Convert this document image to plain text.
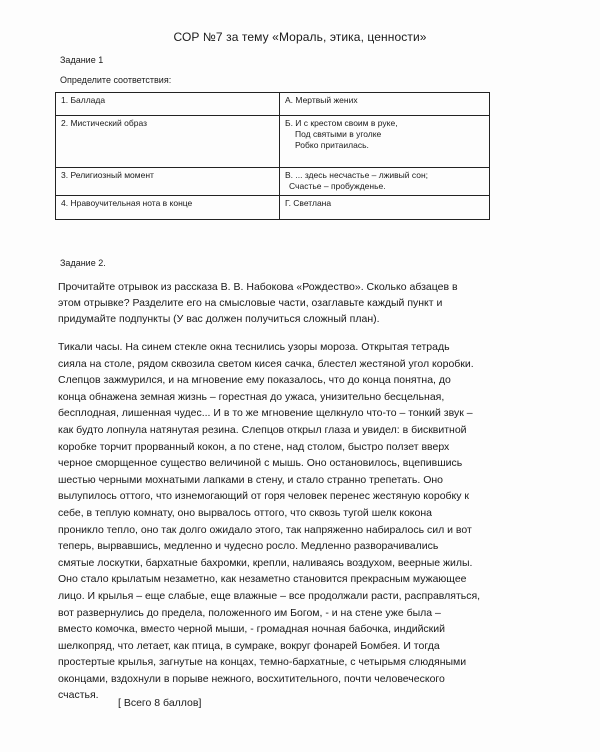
СОР №7 за тему «Мораль, этика, ценности»
Задание 1
Определите соответствия:
1. Баллада	А. Мертвый жених

2. Мистический образ	Б. И с крестом своим в руке,
Под святыми в уголке
Робко притаилась.

3. Религиозный момент	В. ... здесь несчастье – лживый сон;
Счастье – пробужденье.

4. Нравоучительная нота в конце	Г. Светлана
Задание 2.
Прочитайте отрывок из рассказа В. В. Набокова «Рождество». Сколько абзацев в
этом отрывке? Разделите его на смысловые части, озаглавьте каждый пункт и
придумайте подпункты (У вас должен получиться сложный план).
Тикали часы. На синем стекле окна теснились узоры мороза. Открытая тетрадь
сияла на столе, рядом сквозила светом кисея сачка, блестел жестяной угол коробки.
Слепцов зажмурился, и на мгновение ему показалось, что до конца понятна, до
конца обнажена земная жизнь – горестная до ужаса, унизительно бесцельная,
бесплодная, лишенная чудес... И в то же мгновение щелкнуло что-то – тонкий звук –
как будто лопнула натянутая резина. Слепцов открыл глаза и увидел: в бисквитной
коробке торчит прорванный кокон, а по стене, над столом, быстро ползет вверх
черное сморщенное существо величиной с мышь. Оно остановилось, вцепившись
шестью черными мохнатыми лапками в стену, и стало странно трепетать. Оно
вылупилось оттого, что изнемогающий от горя человек перенес жестяную коробку к
себе, в теплую комнату, оно вырвалось оттого, что сквозь тугой шелк кокона
проникло тепло, оно так долго ожидало этого, так напряженно набиралось сил и вот
теперь, вырвавшись, медленно и чудесно росло. Медленно разворачивались
смятые лоскутки, бархатные бахромки, крепли, наливаясь воздухом, веерные жилы.
Оно стало крылатым незаметно, как незаметно становится прекрасным мужающее
лицо. И крылья – еще слабые, еще влажные – все продолжали расти, расправляться,
вот развернулись до предела, положенного им Богом, - и на стене уже была –
вместо комочка, вместо черной мыши, - громадная ночная бабочка, индийский
шелкопряд, что летает, как птица, в сумраке, вокруг фонарей Бомбея. И тогда
простертые крылья, загнутые на концах, темно-бархатные, с четырьмя слюдяными
оконцами, вздохнули в порыве нежного, восхитительного, почти человеческого
счастья.
[ Всего 8 баллов]
